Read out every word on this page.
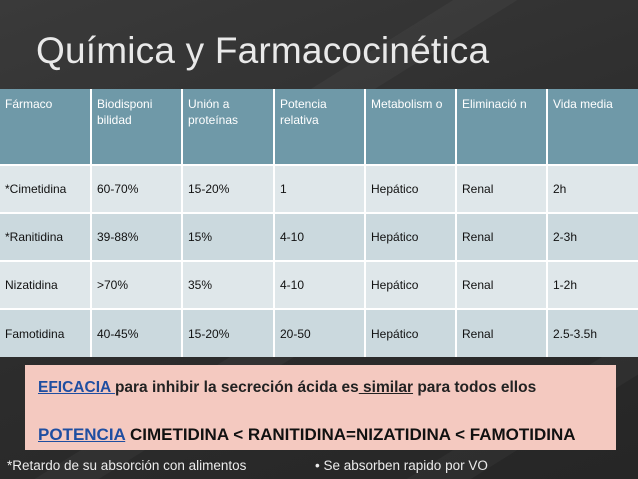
Química y Farmacocinética
Fármaco	Biodisponi bilidad	Unión a proteínas	Potencia relativa	Metabolism o	Eliminació n	Vida media
*Cimetidina	60-70%	15-20%	1	Hepático	Renal	2h
*Ranitidina	39-88%	15%	4-10	Hepático	Renal	2-3h
Nizatidina	>70%	35%	4-10	Hepático	Renal	1-2h
Famotidina	40-45%	15-20%	20-50	Hepático	Renal	2.5-3.5h
EFICACIA para inhibir la secreción ácida es similar para todos ellos
POTENCIA CIMETIDINA < RANITIDINA=NIZATIDINA < FAMOTIDINA
*Retardo de su absorción con alimentos	• Se absorben rapido por VO
